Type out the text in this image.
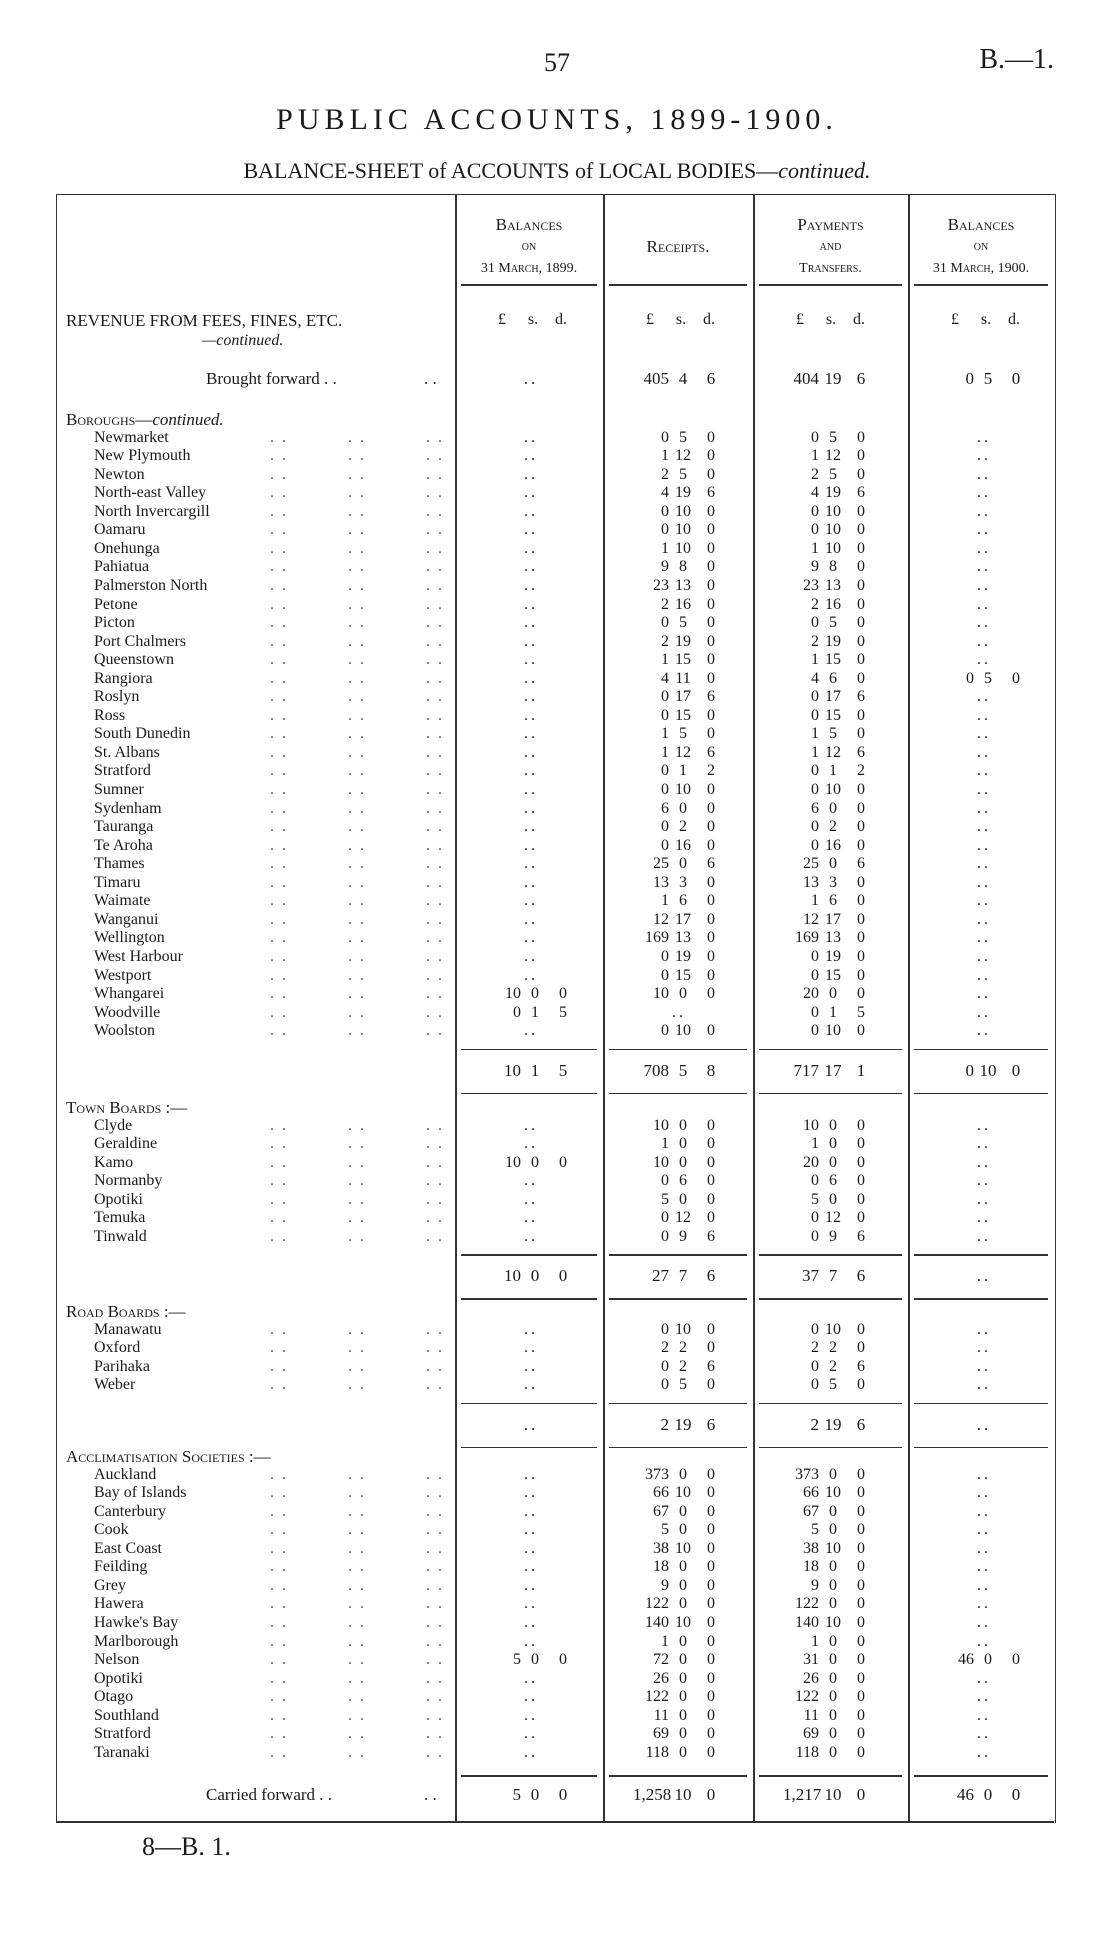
57	B.—1.
PUBLIC ACCOUNTS, 1899-1900.
BALANCE-SHEET of ACCOUNTS of LOCAL BODIES—continued.
Balances
on
31 March, 1899.
Receipts.
Payments
and
Transfers.
Balances
on
31 March, 1900.
£	s.	d.	£	s.	d.	£	s.	d.	£	s.	d.
REVENUE FROM FEES, FINES, ETC.
—continued.
Brought forward . .	. .	..	405 4 6	404 19 6	0 5 0
Boroughs—continued.
Newmarket	. .          . .          . .	..	0 5 0	0 5 0	..
New Plymouth	. .          . .          . .	..	1 12 0	1 12 0	..
Newton	. .          . .          . .	..	2 5 0	2 5 0	..
North-east Valley	. .          . .          . .	..	4 19 6	4 19 6	..
North Invercargill	. .          . .          . .	..	0 10 0	0 10 0	..
Oamaru	. .          . .          . .	..	0 10 0	0 10 0	..
Onehunga	. .          . .          . .	..	1 10 0	1 10 0	..
Pahiatua	. .          . .          . .	..	9 8 0	9 8 0	..
Palmerston North	. .          . .          . .	..	23 13 0	23 13 0	..
Petone	. .          . .          . .	..	2 16 0	2 16 0	..
Picton	. .          . .          . .	..	0 5 0	0 5 0	..
Port Chalmers	. .          . .          . .	..	2 19 0	2 19 0	..
Queenstown	. .          . .          . .	..	1 15 0	1 15 0	..
Rangiora	. .          . .          . .	..	4 11 0	4 6 0	0 5 0
Roslyn	. .          . .          . .	..	0 17 6	0 17 6	..
Ross	. .          . .          . .	..	0 15 0	0 15 0	..
South Dunedin	. .          . .          . .	..	1 5 0	1 5 0	..
St. Albans	. .          . .          . .	..	1 12 6	1 12 6	..
Stratford	. .          . .          . .	..	0 1 2	0 1 2	..
Sumner	. .          . .          . .	..	0 10 0	0 10 0	..
Sydenham	. .          . .          . .	..	6 0 0	6 0 0	..
Tauranga	. .          . .          . .	..	0 2 0	0 2 0	..
Te Aroha	. .          . .          . .	..	0 16 0	0 16 0	..
Thames	. .          . .          . .	..	25 0 6	25 0 6	..
Timaru	. .          . .          . .	..	13 3 0	13 3 0	..
Waimate	. .          . .          . .	..	1 6 0	1 6 0	..
Wanganui	. .          . .          . .	..	12 17 0	12 17 0	..
Wellington	. .          . .          . .	..	169 13 0	169 13 0	..
West Harbour	. .          . .          . .	..	0 19 0	0 19 0	..
Westport	. .          . .          . .	..	0 15 0	0 15 0	..
Whangarei	. .          . .          . .	10 0 0	10 0 0	20 0 0	..
Woodville	. .          . .          . .	0 1 5	..	0 1 5	..
Woolston	. .          . .          . .	..	0 10 0	0 10 0	..
10 1 5	708 5 8	717 17 1	0 10 0
Town Boards :—
Clyde	. .          . .          . .	..	10 0 0	10 0 0	..
Geraldine	. .          . .          . .	..	1 0 0	1 0 0	..
Kamo	. .          . .          . .	10 0 0	10 0 0	20 0 0	..
Normanby	. .          . .          . .	..	0 6 0	0 6 0	..
Opotiki	. .          . .          . .	..	5 0 0	5 0 0	..
Temuka	. .          . .          . .	..	0 12 0	0 12 0	..
Tinwald	. .          . .          . .	..	0 9 6	0 9 6	..
10 0 0	27 7 6	37 7 6	..
Road Boards :—
Manawatu	. .          . .          . .	..	0 10 0	0 10 0	..
Oxford	. .          . .          . .	..	2 2 0	2 2 0	..
Parihaka	. .          . .          . .	..	0 2 6	0 2 6	..
Weber	. .          . .          . .	..	0 5 0	0 5 0	..
..	2 19 6	2 19 6	..
Acclimatisation Societies :—
Auckland	. .          . .          . .	..	373 0 0	373 0 0	..
Bay of Islands	. .          . .          . .	..	66 10 0	66 10 0	..
Canterbury	. .          . .          . .	..	67 0 0	67 0 0	..
Cook	. .          . .          . .	..	5 0 0	5 0 0	..
East Coast	. .          . .          . .	..	38 10 0	38 10 0	..
Feilding	. .          . .          . .	..	18 0 0	18 0 0	..
Grey	. .          . .          . .	..	9 0 0	9 0 0	..
Hawera	. .          . .          . .	..	122 0 0	122 0 0	..
Hawke's Bay	. .          . .          . .	..	140 10 0	140 10 0	..
Marlborough	. .          . .          . .	..	1 0 0	1 0 0	..
Nelson	. .          . .          . .	5 0 0	72 0 0	31 0 0	46 0 0
Opotiki	. .          . .          . .	..	26 0 0	26 0 0	..
Otago	. .          . .          . .	..	122 0 0	122 0 0	..
Southland	. .          . .          . .	..	11 0 0	11 0 0	..
Stratford	. .          . .          . .	..	69 0 0	69 0 0	..
Taranaki	. .          . .          . .	..	118 0 0	118 0 0	..
Carried forward . .	. .	5 0 0	1,258 10 0	1,217 10 0	46 0 0
8—B. 1.
